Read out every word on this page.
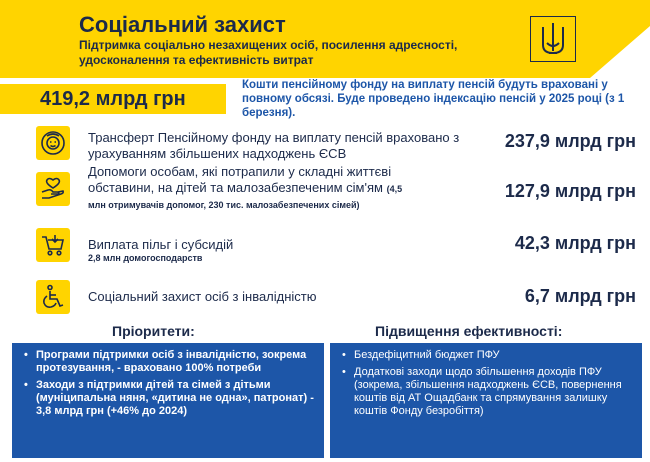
Соціальний захист
Підтримка соціально незахищених осіб, посилення адресності, удосконалення та ефективність витрат
419,2 млрд грн
Кошти пенсійному фонду на виплату пенсій будуть враховані у повному обсязі. Буде проведено індексацію пенсій у 2025 році (з 1 березня).
Трансферт Пенсійному фонду на виплату пенсій враховано з урахуванням збільшених надходжень ЄСВ
237,9 млрд грн
Допомоги особам, які потрапили у складні життєві обставини, на дітей та малозабезпеченим сім'ям (4,5 млн отримувачів допомог, 230 тис. малозабезпечених сімей)
127,9 млрд грн
Виплата пільг і субсидій
2,8 млн домогосподарств
42,3 млрд грн
Соціальний захист осіб з інвалідністю	6,7 млрд грн
Пріоритети:
• Програми підтримки осіб з інвалідністю, зокрема протезування, - враховано 100% потреби
• Заходи з підтримки дітей та сімей з дітьми (муніципальна няня, «дитина не одна», патронат) - 3,8 млрд грн (+46% до 2024)
Підвищення ефективності:
• Бездефіцитний бюджет ПФУ
• Додаткові заходи щодо збільшення доходів ПФУ (зокрема, збільшення надходжень ЄСВ, повернення коштів від АТ Ощадбанк та спрямування залишку коштів Фонду безробіття)
